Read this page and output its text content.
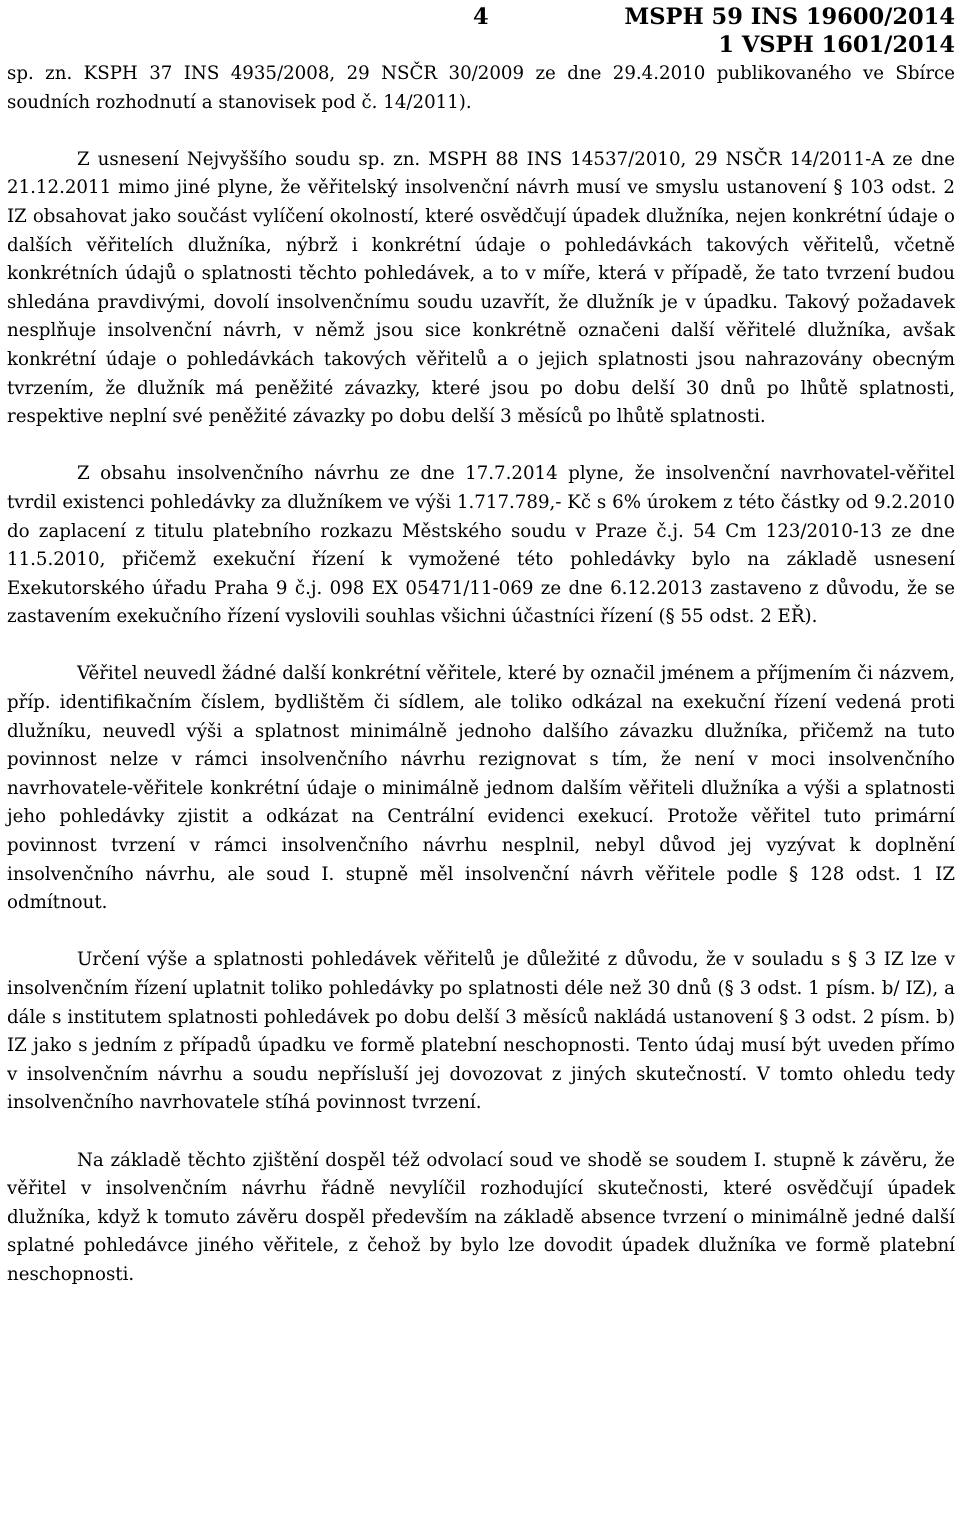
4	MSPH 59 INS 19600/2014
1 VSPH 1601/2014

sp. zn. KSPH 37 INS 4935/2008, 29 NSČR 30/2009 ze dne 29.4.2010 publikovaného ve Sbírce soudních rozhodnutí a stanovisek pod č. 14/2011).

Z usnesení Nejvyššího soudu sp. zn. MSPH 88 INS 14537/2010, 29 NSČR 14/2011-A ze dne 21.12.2011 mimo jiné plyne, že věřitelský insolvenční návrh musí ve smyslu ustanovení § 103 odst. 2 IZ obsahovat jako součást vylíčení okolností, které osvědčují úpadek dlužníka, nejen konkrétní údaje o dalších věřitelích dlužníka, nýbrž i konkrétní údaje o pohledávkách takových věřitelů, včetně konkrétních údajů o splatnosti těchto pohledávek, a to v míře, která v případě, že tato tvrzení budou shledána pravdivými, dovolí insolvenčnímu soudu uzavřít, že dlužník je v úpadku. Takový požadavek nesplňuje insolvenční návrh, v němž jsou sice konkrétně označeni další věřitelé dlužníka, avšak konkrétní údaje o pohledávkách takových věřitelů a o jejich splatnosti jsou nahrazovány obecným tvrzením, že dlužník má peněžité závazky, které jsou po dobu delší 30 dnů po lhůtě splatnosti, respektive neplní své peněžité závazky po dobu delší 3 měsíců po lhůtě splatnosti.

Z obsahu insolvenčního návrhu ze dne 17.7.2014 plyne, že insolvenční navrhovatel-věřitel tvrdil existenci pohledávky za dlužníkem ve výši 1.717.789,- Kč s 6% úrokem z této částky od 9.2.2010 do zaplacení z titulu platebního rozkazu Městského soudu v Praze č.j. 54 Cm 123/2010-13 ze dne 11.5.2010, přičemž exekuční řízení k vymožené této pohledávky bylo na základě usnesení Exekutorského úřadu Praha 9 č.j. 098 EX 05471/11-069 ze dne 6.12.2013 zastaveno z důvodu, že se zastavením exekučního řízení vyslovili souhlas všichni účastníci řízení (§ 55 odst. 2 EŘ).

Věřitel neuvedl žádné další konkrétní věřitele, které by označil jménem a příjmením či názvem, příp. identifikačním číslem, bydlištěm či sídlem, ale toliko odkázal na exekuční řízení vedená proti dlužníku, neuvedl výši a splatnost minimálně jednoho dalšího závazku dlužníka, přičemž na tuto povinnost nelze v rámci insolvenčního návrhu rezignovat s tím, že není v moci insolvenčního navrhovatele-věřitele konkrétní údaje o minimálně jednom dalším věřiteli dlužníka a výši a splatnosti jeho pohledávky zjistit a odkázat na Centrální evidenci exekucí. Protože věřitel tuto primární povinnost tvrzení v rámci insolvenčního návrhu nesplnil, nebyl důvod jej vyzývat k doplnění insolvenčního návrhu, ale soud I. stupně měl insolvenční návrh věřitele podle § 128 odst. 1 IZ odmítnout.

Určení výše a splatnosti pohledávek věřitelů je důležité z důvodu, že v souladu s § 3 IZ lze v insolvenčním řízení uplatnit toliko pohledávky po splatnosti déle než 30 dnů (§ 3 odst. 1 písm. b/ IZ), a dále s institutem splatnosti pohledávek po dobu delší 3 měsíců nakládá ustanovení § 3 odst. 2 písm. b) IZ jako s jedním z případů úpadku ve formě platební neschopnosti. Tento údaj musí být uveden přímo v insolvenčním návrhu a soudu nepřísluší jej dovozovat z jiných skutečností. V tomto ohledu tedy insolvenčního navrhovatele stíhá povinnost tvrzení.

Na základě těchto zjištění dospěl též odvolací soud ve shodě se soudem I. stupně k závěru, že věřitel v insolvenčním návrhu řádně nevylíčil rozhodující skutečnosti, které osvědčují úpadek dlužníka, když k tomuto závěru dospěl především na základě absence tvrzení o minimálně jedné další splatné pohledávce jiného věřitele, z čehož by bylo lze dovodit úpadek dlužníka ve formě platební neschopnosti.
